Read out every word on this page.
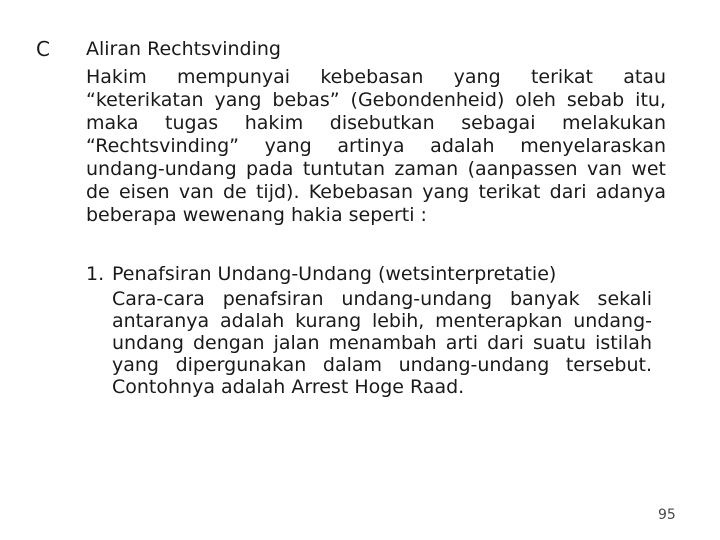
C Aliran Rechtsvinding

Hakim mempunyai kebebasan yang terikat atau “keterikatan yang bebas” (Gebondenheid) oleh sebab itu, maka tugas hakim disebutkan sebagai melakukan “Rechtsvinding” yang artinya adalah menyelaraskan undang-undang pada tuntutan zaman (aanpassen van wet de eisen van de tijd). Kebebasan yang terikat dari adanya beberapa wewenang hakia seperti :

1. Penafsiran Undang-Undang (wetsinterpretatie)
Cara-cara penafsiran undang-undang banyak sekali antaranya adalah kurang lebih, menterapkan undang-undang dengan jalan menambah arti dari suatu istilah yang dipergunakan dalam undang-undang tersebut. Contohnya adalah Arrest Hoge Raad.
95
